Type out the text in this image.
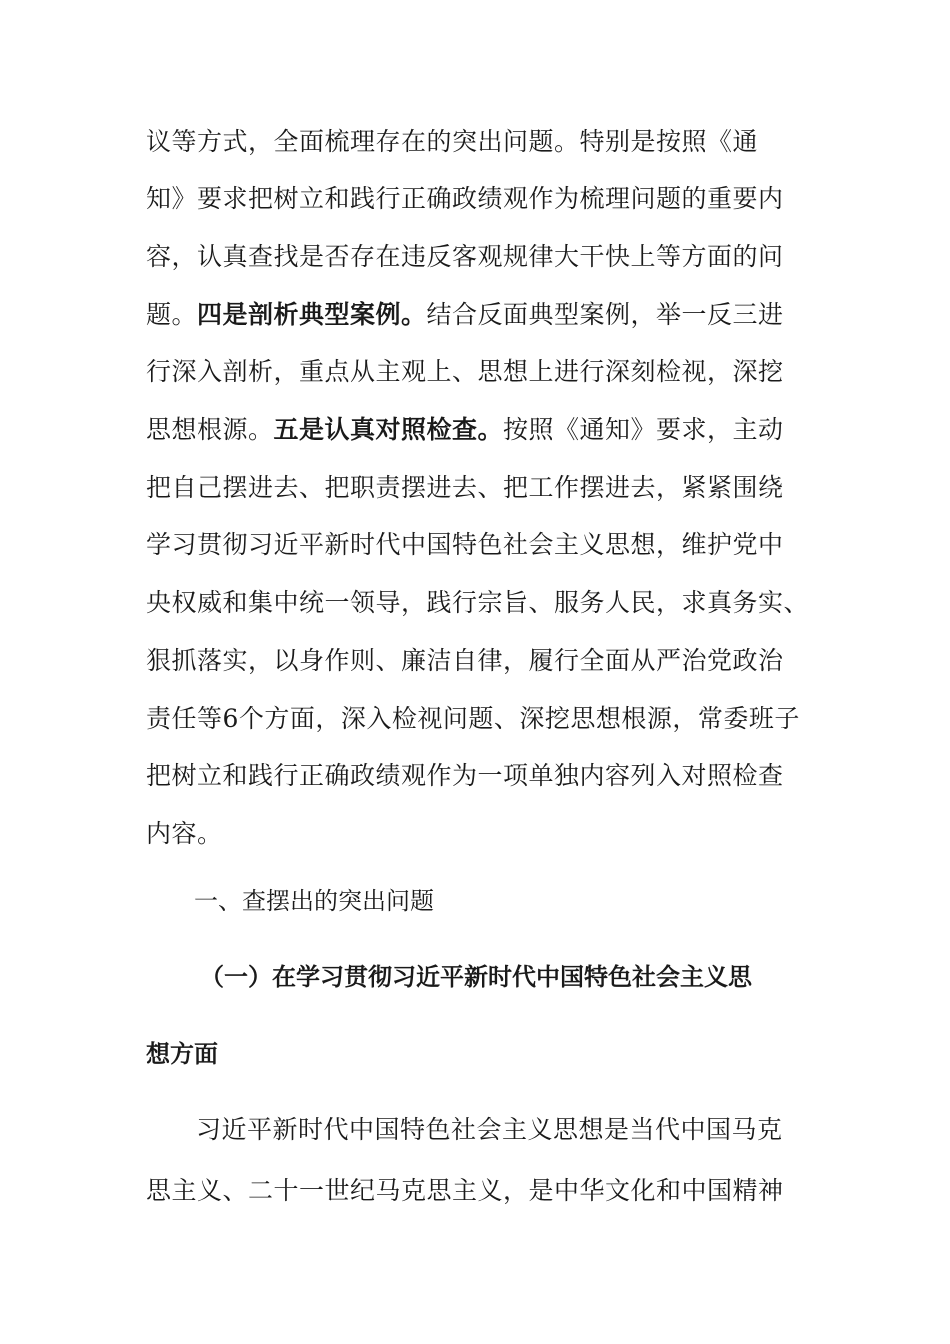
议等方式，全面梳理存在的突出问题。特别是按照《通
知》要求把树立和践行正确政绩观作为梳理问题的重要内
容，认真查找是否存在违反客观规律大干快上等方面的问
题。四是剖析典型案例。结合反面典型案例，举一反三进
行深入剖析，重点从主观上、思想上进行深刻检视，深挖
思想根源。五是认真对照检查。按照《通知》要求，主动
把自己摆进去、把职责摆进去、把工作摆进去，紧紧围绕
学习贯彻习近平新时代中国特色社会主义思想，维护党中
央权威和集中统一领导，践行宗旨、服务人民，求真务实、
狠抓落实，以身作则、廉洁自律，履行全面从严治党政治
责任等6个方面，深入检视问题、深挖思想根源，常委班子
把树立和践行正确政绩观作为一项单独内容列入对照检查
内容。
一、查摆出的突出问题
（一）在学习贯彻习近平新时代中国特色社会主义思
想方面
习近平新时代中国特色社会主义思想是当代中国马克
思主义、二十一世纪马克思主义，是中华文化和中国精神
